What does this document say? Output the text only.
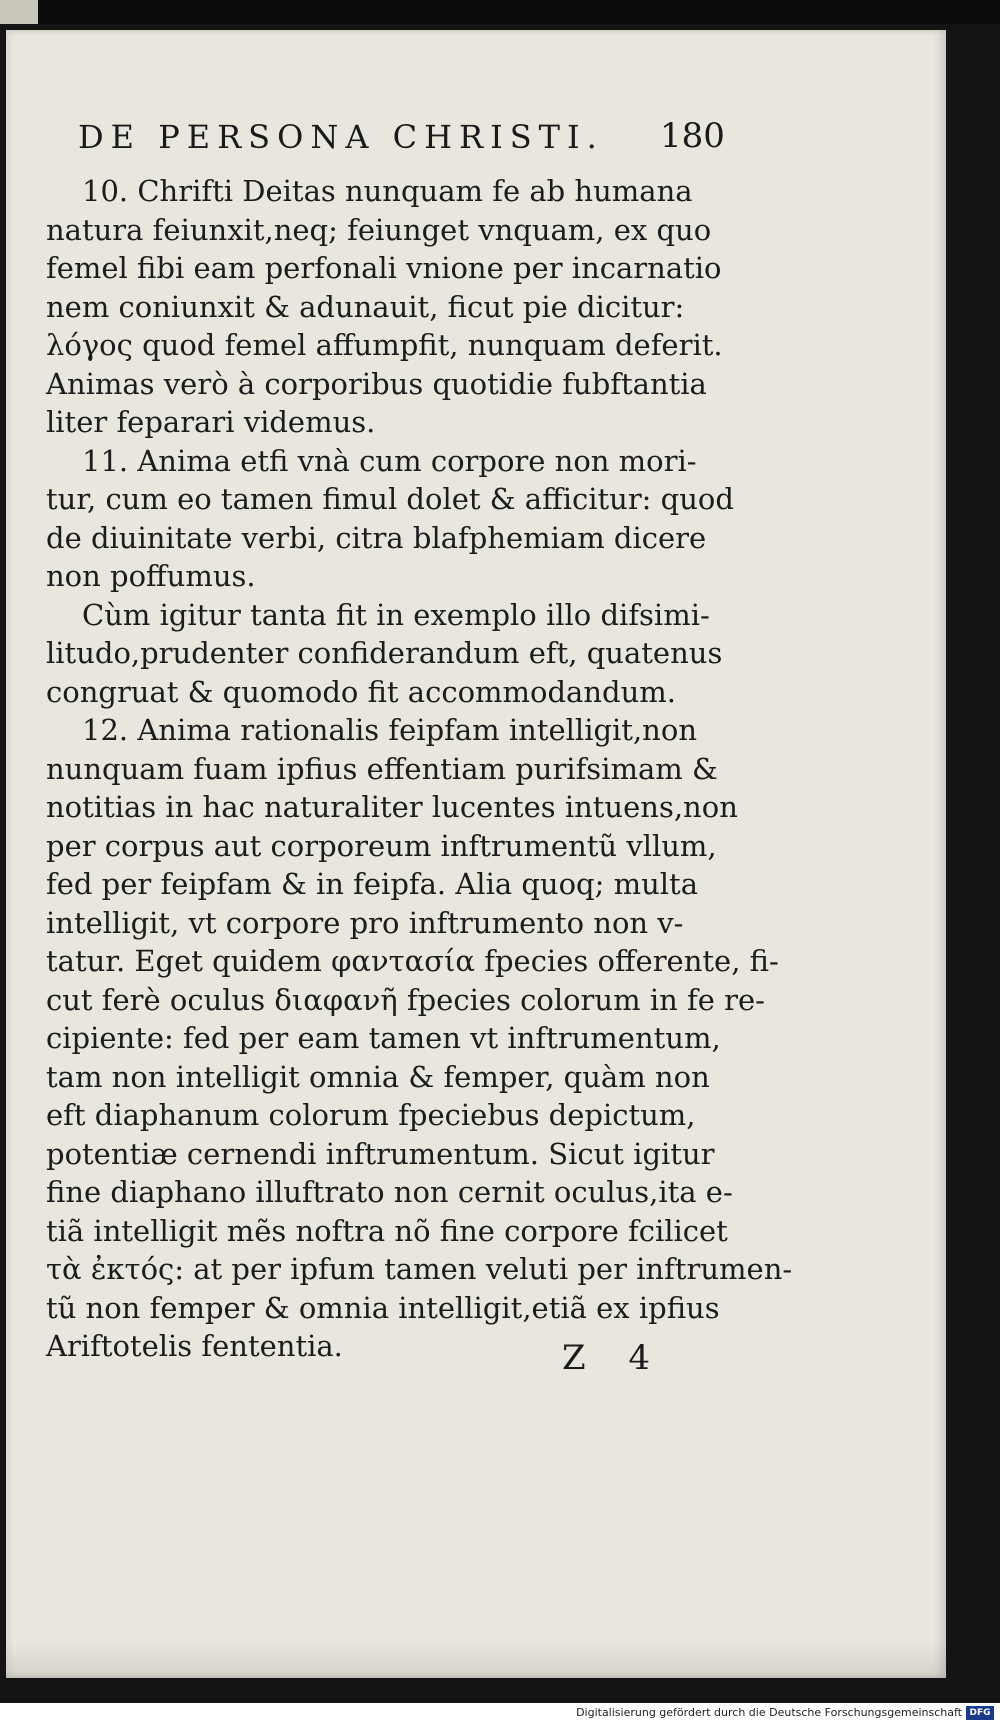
DE PERSONA CHRISTI.	180
10. Chrifti Deitas nunquam fe ab humana
natura feiunxit,neq; feiunget vnquam, ex quo
femel fibi eam perfonali vnione per incarnatio
nem coniunxit & adunauit, ficut pie dicitur:
λόγος quod femel affumpfit, nunquam deferit.
Animas verò à corporibus quotidie fubftantia
liter feparari videmus.
11. Anima etfi vnà cum corpore non mori-
tur, cum eo tamen fimul dolet & afficitur: quod
de diuinitate verbi, citra blafphemiam dicere
non poffumus.
Cùm igitur tanta fit in exemplo illo difsimi-
litudo,prudenter confiderandum eft, quatenus
congruat & quomodo fit accommodandum.
12. Anima rationalis feipfam intelligit,non
nunquam fuam ipfius effentiam purifsimam &
notitias in hac naturaliter lucentes intuens,non
per corpus aut corporeum inftrumentũ vllum,
fed per feipfam & in feipfa. Alia quoq; multa
intelligit, vt corpore pro inftrumento non v-
tatur. Eget quidem φαντασία fpecies offerente, fi-
cut ferè oculus διαφανῆ fpecies colorum in fe re-
cipiente: fed per eam tamen vt inftrumentum,
tam non intelligit omnia & femper, quàm non
eft diaphanum colorum fpeciebus depictum,
potentiæ cernendi inftrumentum. Sicut igitur
fine diaphano illuftrato non cernit oculus,ita e-
tiã intelligit mẽs noftra nõ fine corpore fcilicet
τὰ ἐκτός: at per ipfum tamen veluti per inftrumen-
tũ non femper & omnia intelligit,etiã ex ipfius
Ariftotelis fententia.	Z 4
Digitalisierung gefördert durch die Deutsche Forschungsgemeinschaft DFG
